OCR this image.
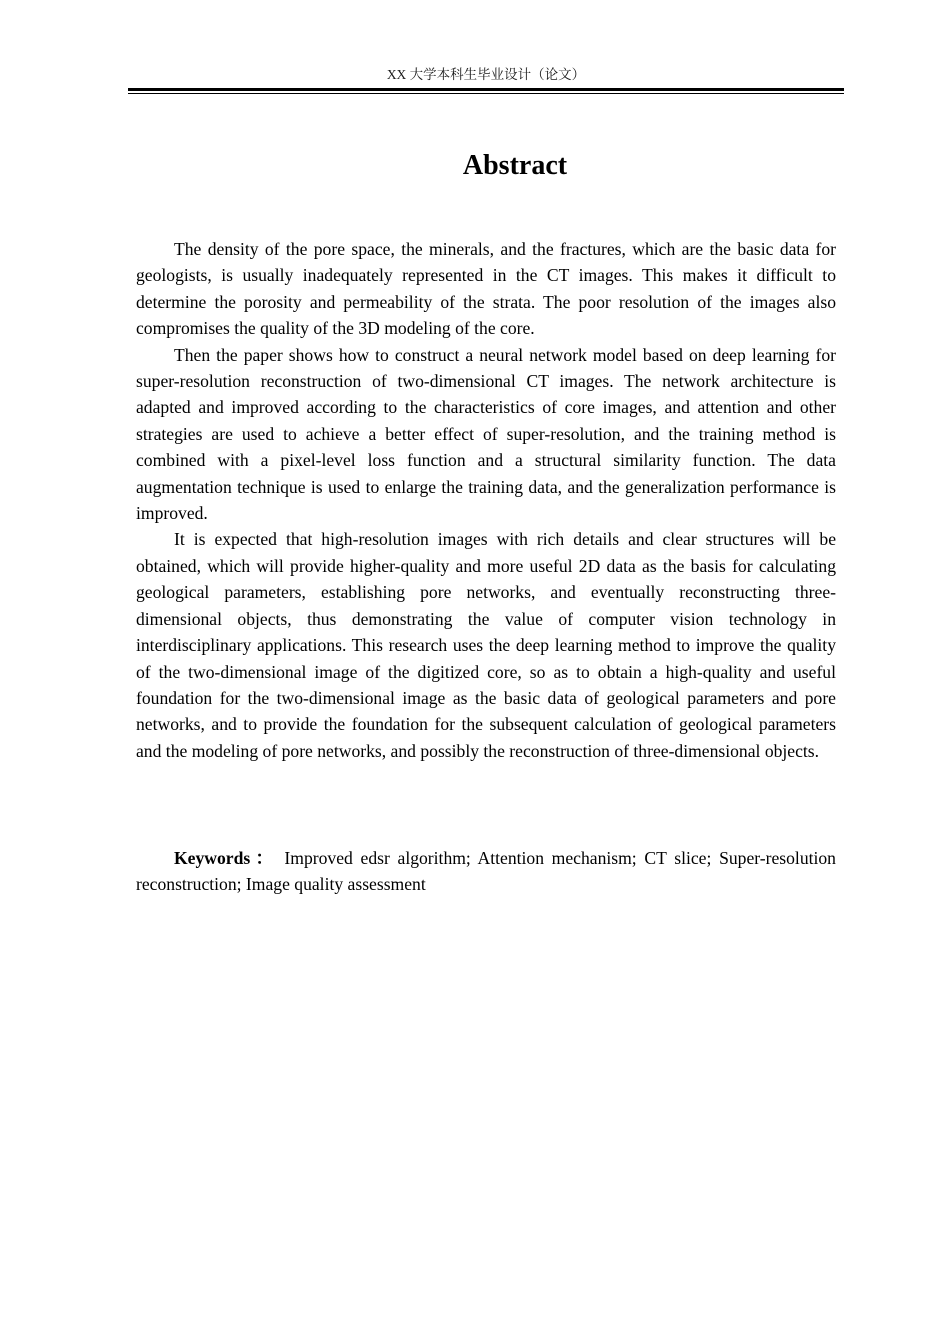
XX 大学本科生毕业设计（论文）
Abstract

The density of the pore space, the minerals, and the fractures, which are the basic data for geologists, is usually inadequately represented in the CT images. This makes it difficult to determine the porosity and permeability of the strata. The poor resolution of the images also compromises the quality of the 3D modeling of the core.

Then the paper shows how to construct a neural network model based on deep learning for super-resolution reconstruction of two-dimensional CT images. The network architecture is adapted and improved according to the characteristics of core images, and attention and other strategies are used to achieve a better effect of super-resolution, and the training method is combined with a pixel-level loss function and a structural similarity function. The data augmentation technique is used to enlarge the training data, and the generalization performance is improved.

It is expected that high-resolution images with rich details and clear structures will be obtained, which will provide higher-quality and more useful 2D data as the basis for calculating geological parameters, establishing pore networks, and eventually reconstructing three-dimensional objects, thus demonstrating the value of computer vision technology in interdisciplinary applications. This research uses the deep learning method to improve the quality of the two-dimensional image of the digitized core, so as to obtain a high-quality and useful foundation for the two-dimensional image as the basic data of geological parameters and pore networks, and to provide the foundation for the subsequent calculation of geological parameters and the modeling of pore networks, and possibly the reconstruction of three-dimensional objects.

Keywords ： Improved edsr algorithm; Attention mechanism; CT slice; Super-resolution reconstruction; Image quality assessment
